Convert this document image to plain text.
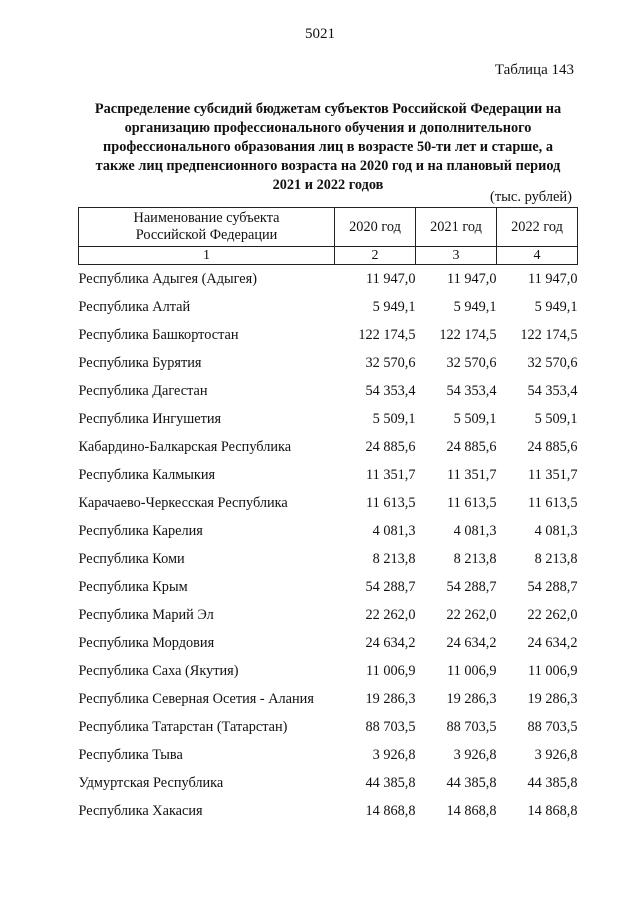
5021
Таблица 143
Распределение субсидий бюджетам субъектов Российской Федерации на
организацию профессионального обучения и дополнительного
профессионального образования лиц в возрасте 50-ти лет и старше, а
также лиц предпенсионного возраста на 2020 год и на плановый период
2021 и 2022 годов
(тыс. рублей)
Наименование субъекта
Российской Федерации	2020 год	2021 год	2022 год
1	2	3	4
Республика Адыгея (Адыгея)	11 947,0	11 947,0	11 947,0
Республика Алтай	5 949,1	5 949,1	5 949,1
Республика Башкортостан	122 174,5	122 174,5	122 174,5
Республика Бурятия	32 570,6	32 570,6	32 570,6
Республика Дагестан	54 353,4	54 353,4	54 353,4
Республика Ингушетия	5 509,1	5 509,1	5 509,1
Кабардино-Балкарская Республика	24 885,6	24 885,6	24 885,6
Республика Калмыкия	11 351,7	11 351,7	11 351,7
Карачаево-Черкесская Республика	11 613,5	11 613,5	11 613,5
Республика Карелия	4 081,3	4 081,3	4 081,3
Республика Коми	8 213,8	8 213,8	8 213,8
Республика Крым	54 288,7	54 288,7	54 288,7
Республика Марий Эл	22 262,0	22 262,0	22 262,0
Республика Мордовия	24 634,2	24 634,2	24 634,2
Республика Саха (Якутия)	11 006,9	11 006,9	11 006,9
Республика Северная Осетия - Алания	19 286,3	19 286,3	19 286,3
Республика Татарстан (Татарстан)	88 703,5	88 703,5	88 703,5
Республика Тыва	3 926,8	3 926,8	3 926,8
Удмуртская Республика	44 385,8	44 385,8	44 385,8
Республика Хакасия	14 868,8	14 868,8	14 868,8
